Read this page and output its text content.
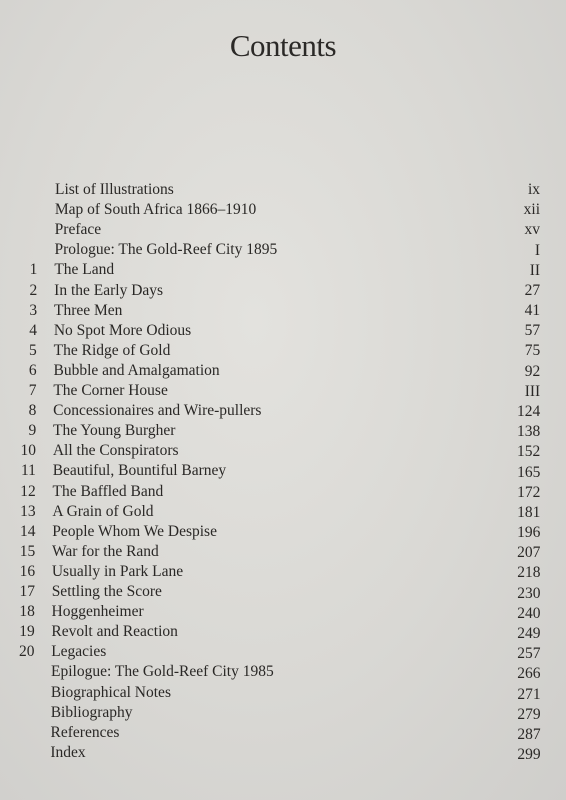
Contents
List of Illustrations	ix
Map of South Africa 1866–1910	xii
Preface	xv
Prologue: The Gold-Reef City 1895	I
1 The Land	II
2 In the Early Days	27
3 Three Men	41
4 No Spot More Odious	57
5 The Ridge of Gold	75
6 Bubble and Amalgamation	92
7 The Corner House	III
8 Concessionaires and Wire-pullers	124
9 The Young Burgher	138
10 All the Conspirators	152
11 Beautiful, Bountiful Barney	165
12 The Baffled Band	172
13 A Grain of Gold	181
14 People Whom We Despise	196
15 War for the Rand	207
16 Usually in Park Lane	218
17 Settling the Score	230
18 Hoggenheimer	240
19 Revolt and Reaction	249
20 Legacies	257
Epilogue: The Gold-Reef City 1985	266
Biographical Notes	271
Bibliography	279
References	287
Index	299
